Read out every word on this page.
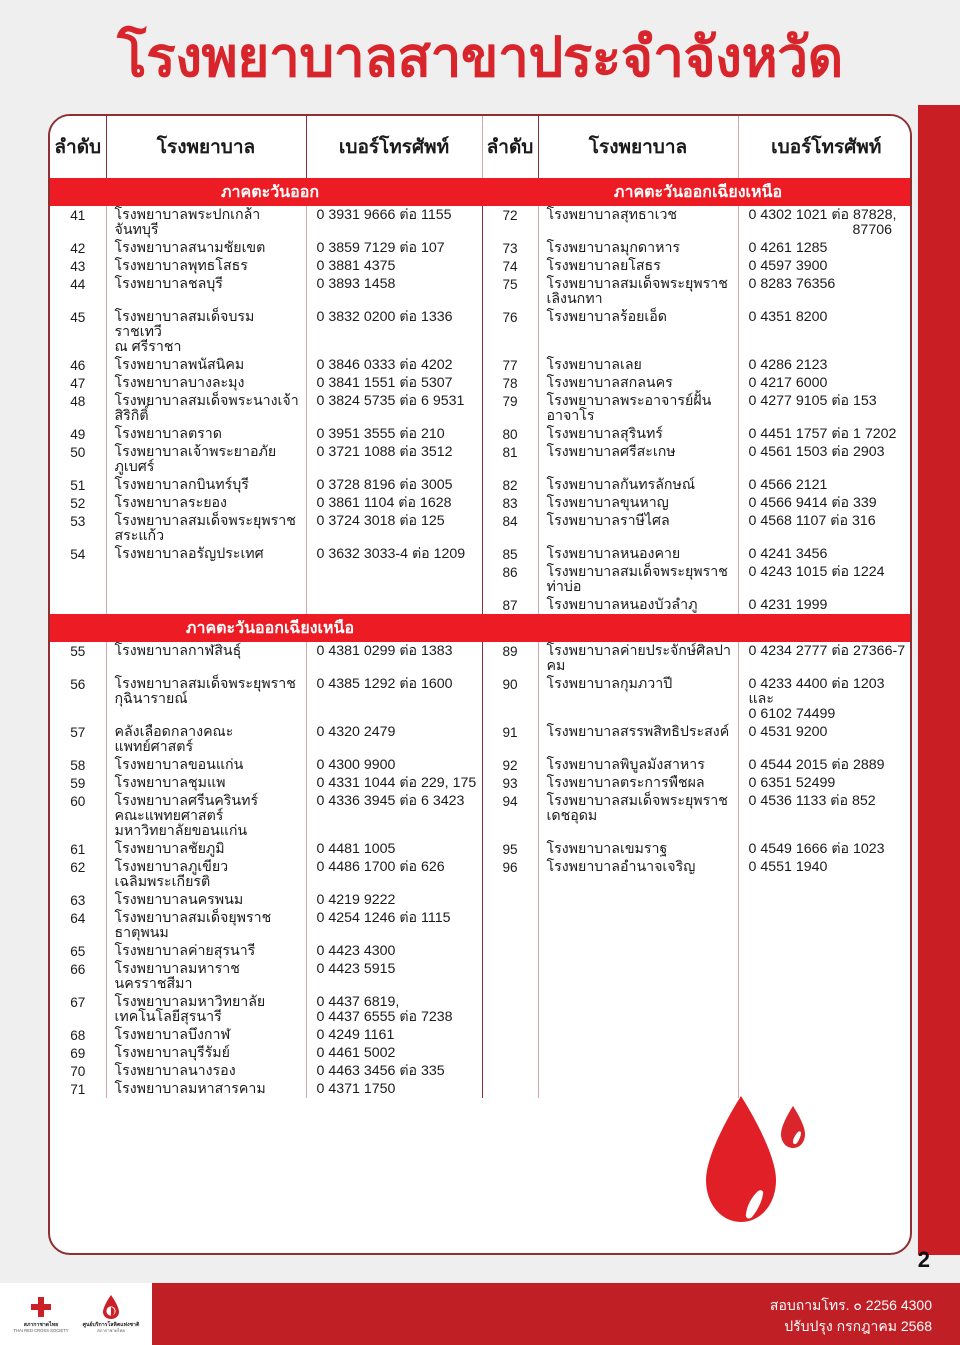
โรงพยาบาลสาขาประจำจังหวัด
ลำดับ	โรงพยาบาล	เบอร์โทรศัพท์	ลำดับ	โรงพยาบาล	เบอร์โทรศัพท์
ภาคตะวันออก			ภาคตะวันออกเฉียงเหนือ		
41	โรงพยาบาลพระปกเกล้าจันทบุรี	0 3931 9666 ต่อ 1155	72	โรงพยาบาลสุทธาเวช	0 4302 1021 ต่อ 87828,
87706

42	โรงพยาบาลสนามชัยเขต	0 3859 7129 ต่อ 107	73	โรงพยาบาลมุกดาหาร	0 4261 1285

43	โรงพยาบาลพุทธโสธร	0 3881 4375	74	โรงพยาบาลยโสธร	0 4597 3900

44	โรงพยาบาลชลบุรี	0 3893 1458	75	โรงพยาบาลสมเด็จพระยุพราช
เลิงนกทา	0 8283 76356

45	โรงพยาบาลสมเด็จบรมราชเทวี
ณ ศรีราชา	0 3832 0200 ต่อ 1336	76	โรงพยาบาลร้อยเอ็ด	0 4351 8200

46	โรงพยาบาลพนัสนิคม	0 3846 0333 ต่อ 4202	77	โรงพยาบาลเลย	0 4286 2123

47	โรงพยาบาลบางละมุง	0 3841 1551 ต่อ 5307	78	โรงพยาบาลสกลนคร	0 4217 6000

48	โรงพยาบาลสมเด็จพระนางเจ้าสิริกิติ์	0 3824 5735 ต่อ 6 9531	79	โรงพยาบาลพระอาจารย์ฝั้น
อาจาโร	0 4277 9105 ต่อ 153

49	โรงพยาบาลตราด	0 3951 3555 ต่อ 210	80	โรงพยาบาลสุรินทร์	0 4451 1757 ต่อ 1 7202

50	โรงพยาบาลเจ้าพระยาอภัยภูเบศร์	0 3721 1088 ต่อ 3512	81	โรงพยาบาลศรีสะเกษ	0 4561 1503 ต่อ 2903

51	โรงพยาบาลกบินทร์บุรี	0 3728 8196 ต่อ 3005	82	โรงพยาบาลกันทรลักษณ์	0 4566 2121

52	โรงพยาบาลระยอง	0 3861 1104 ต่อ 1628	83	โรงพยาบาลขุนหาญ	0 4566 9414 ต่อ 339

53	โรงพยาบาลสมเด็จพระยุพราช
สระแก้ว	0 3724 3018 ต่อ 125	84	โรงพยาบาลราษีไศล	0 4568 1107 ต่อ 316

54	โรงพยาบาลอรัญประเทศ	0 3632 3033-4 ต่อ 1209	85	โรงพยาบาลหนองคาย	0 4241 3456

	86	โรงพยาบาลสมเด็จพระยุพราช
ท่าบ่อ	0 4243 1015 ต่อ 1224

	87	โรงพยาบาลหนองบัวลำภู	0 4231 1999

ภาคตะวันออกเฉียงเหนือ					
55	โรงพยาบาลกาฬสินธุ์	0 4381 0299 ต่อ 1383	89	โรงพยาบาลค่ายประจักษ์ศิลปาคม	0 4234 2777 ต่อ 27366-7

56	โรงพยาบาลสมเด็จพระยุพราช
กุฉินารายณ์	0 4385 1292 ต่อ 1600	90	โรงพยาบาลกุมภวาปี	0 4233 4400 ต่อ 1203 และ
0 6102 74499

57	คลังเลือดกลางคณะแพทย์ศาสตร์	0 4320 2479	91	โรงพยาบาลสรรพสิทธิประสงค์	0 4531 9200

58	โรงพยาบาลขอนแก่น	0 4300 9900	92	โรงพยาบาลพิบูลมังสาหาร	0 4544 2015 ต่อ 2889

59	โรงพยาบาลชุมแพ	0 4331 1044 ต่อ 229, 175	93	โรงพยาบาลตระการพืชผล	0 6351 52499

60	โรงพยาบาลศรีนครินทร์
คณะแพทยศาสตร์
มหาวิทยาลัยขอนแก่น	0 4336 3945 ต่อ 6 3423	94	โรงพยาบาลสมเด็จพระยุพราช
เดชอุดม	0 4536 1133 ต่อ 852

61	โรงพยาบาลชัยภูมิ	0 4481 1005	95	โรงพยาบาลเขมราฐ	0 4549 1666 ต่อ 1023

62	โรงพยาบาลภูเขียวเฉลิมพระเกียรติ	0 4486 1700 ต่อ 626	96	โรงพยาบาลอำนาจเจริญ	0 4551 1940

63	โรงพยาบาลนครพนม	0 4219 9222			

64	โรงพยาบาลสมเด็จยุพราชธาตุพนม	0 4254 1246 ต่อ 1115			

65	โรงพยาบาลค่ายสุรนารี	0 4423 4300			

66	โรงพยาบาลมหาราชนครราชสีมา	0 4423 5915			

67	โรงพยาบาลมหาวิทยาลัย
เทคโนโลยีสุรนารี	0 4437 6819,
0 4437 6555 ต่อ 7238			

68	โรงพยาบาลบึงกาฬ	0 4249 1161			

69	โรงพยาบาลบุรีรัมย์	0 4461 5002			

70	โรงพยาบาลนางรอง	0 4463 3456 ต่อ 335			

71	โรงพยาบาลมหาสารคาม	0 4371 1750			

2
สภากาชาดไทย
THAI RED CROSS SOCIETY
ศูนย์บริการโลหิตแห่งชาติ
สภากาชาดไทย
สอบถามโทร. ๐ 2256 4300
ปรับปรุง กรกฎาคม 2568
